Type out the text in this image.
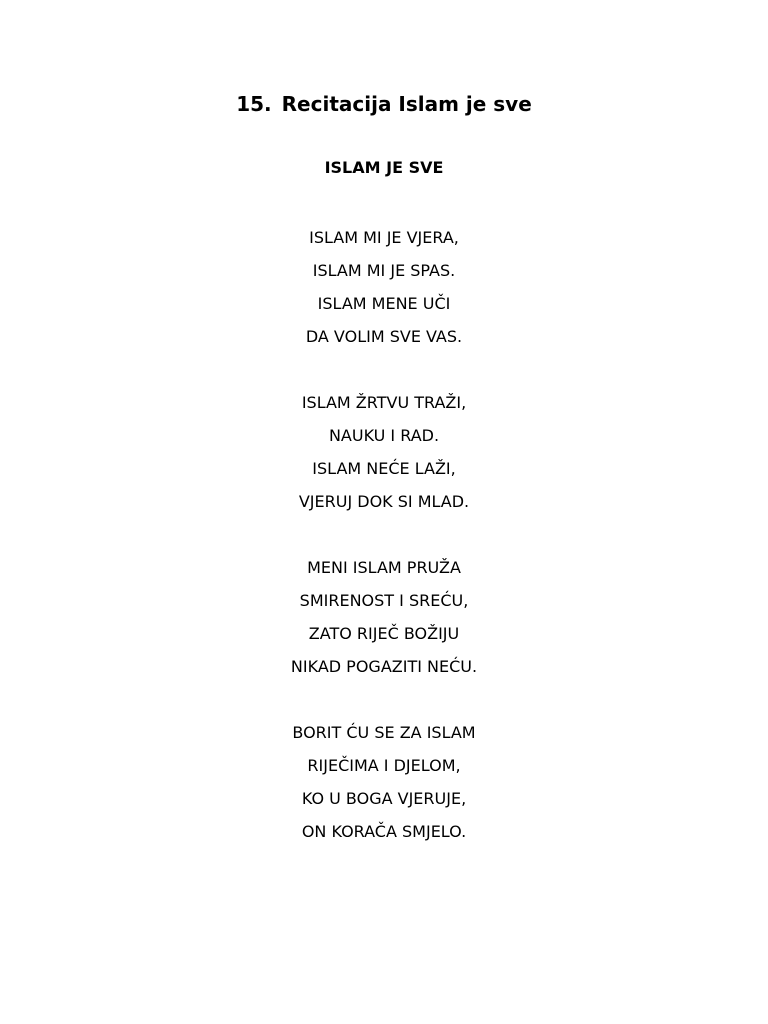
15. Recitacija Islam je sve
ISLAM JE SVE
ISLAM MI JE VJERA,
ISLAM MI JE SPAS.
ISLAM MENE UČI
DA VOLIM SVE VAS.
ISLAM ŽRTVU TRAŽI,
NAUKU I RAD.
ISLAM NEĆE LAŽI,
VJERUJ DOK SI MLAD.
MENI ISLAM PRUŽA
SMIRENOST I SREĆU,
ZATO RIJEČ BOŽIJU
NIKAD POGAZITI NEĆU.
BORIT ĆU SE ZA ISLAM
RIJEČIMA I DJELOM,
KO U BOGA VJERUJE,
ON KORAČA SMJELO.
